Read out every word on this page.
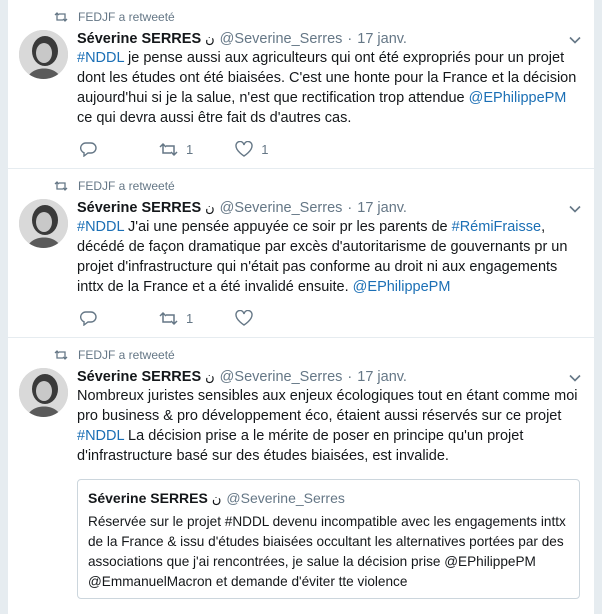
FEDJF a retweeté
Séverine SERRES ن @Severine_Serres · 17 janv.
#NDDL je pense aussi aux agriculteurs qui ont été expropriés pour un projet dont les études ont été biaisées. C'est une honte pour la France et la décision aujourd'hui si je la salue, n'est que rectification trop attendue @EPhilippePM ce qui devra aussi être fait ds d'autres cas.
1	1
FEDJF a retweeté
Séverine SERRES ن @Severine_Serres · 17 janv.
#NDDL J'ai une pensée appuyée ce soir pr les parents de #RémiFraisse, décédé de façon dramatique par excès d'autoritarisme de gouvernants pr un projet d'infrastructure qui n'était pas conforme au droit ni aux engagements inttx de la France et a été invalidé ensuite. @EPhilippePM
1
FEDJF a retweeté
Séverine SERRES ن @Severine_Serres · 17 janv.
Nombreux juristes sensibles aux enjeux écologiques tout en étant comme moi pro business & pro développement éco, étaient aussi réservés sur ce projet #NDDL La décision prise a le mérite de poser en principe qu'un projet d'infrastructure basé sur des études biaisées, est invalide.
Séverine SERRES ن @Severine_Serres
Réservée sur le projet #NDDL devenu incompatible avec les engagements inttx de la France & issu d'études biaisées occultant les alternatives portées par des associations que j'ai rencontrées, je salue la décision prise @EPhilippePM @EmmanuelMacron et demande d'éviter tte violence
